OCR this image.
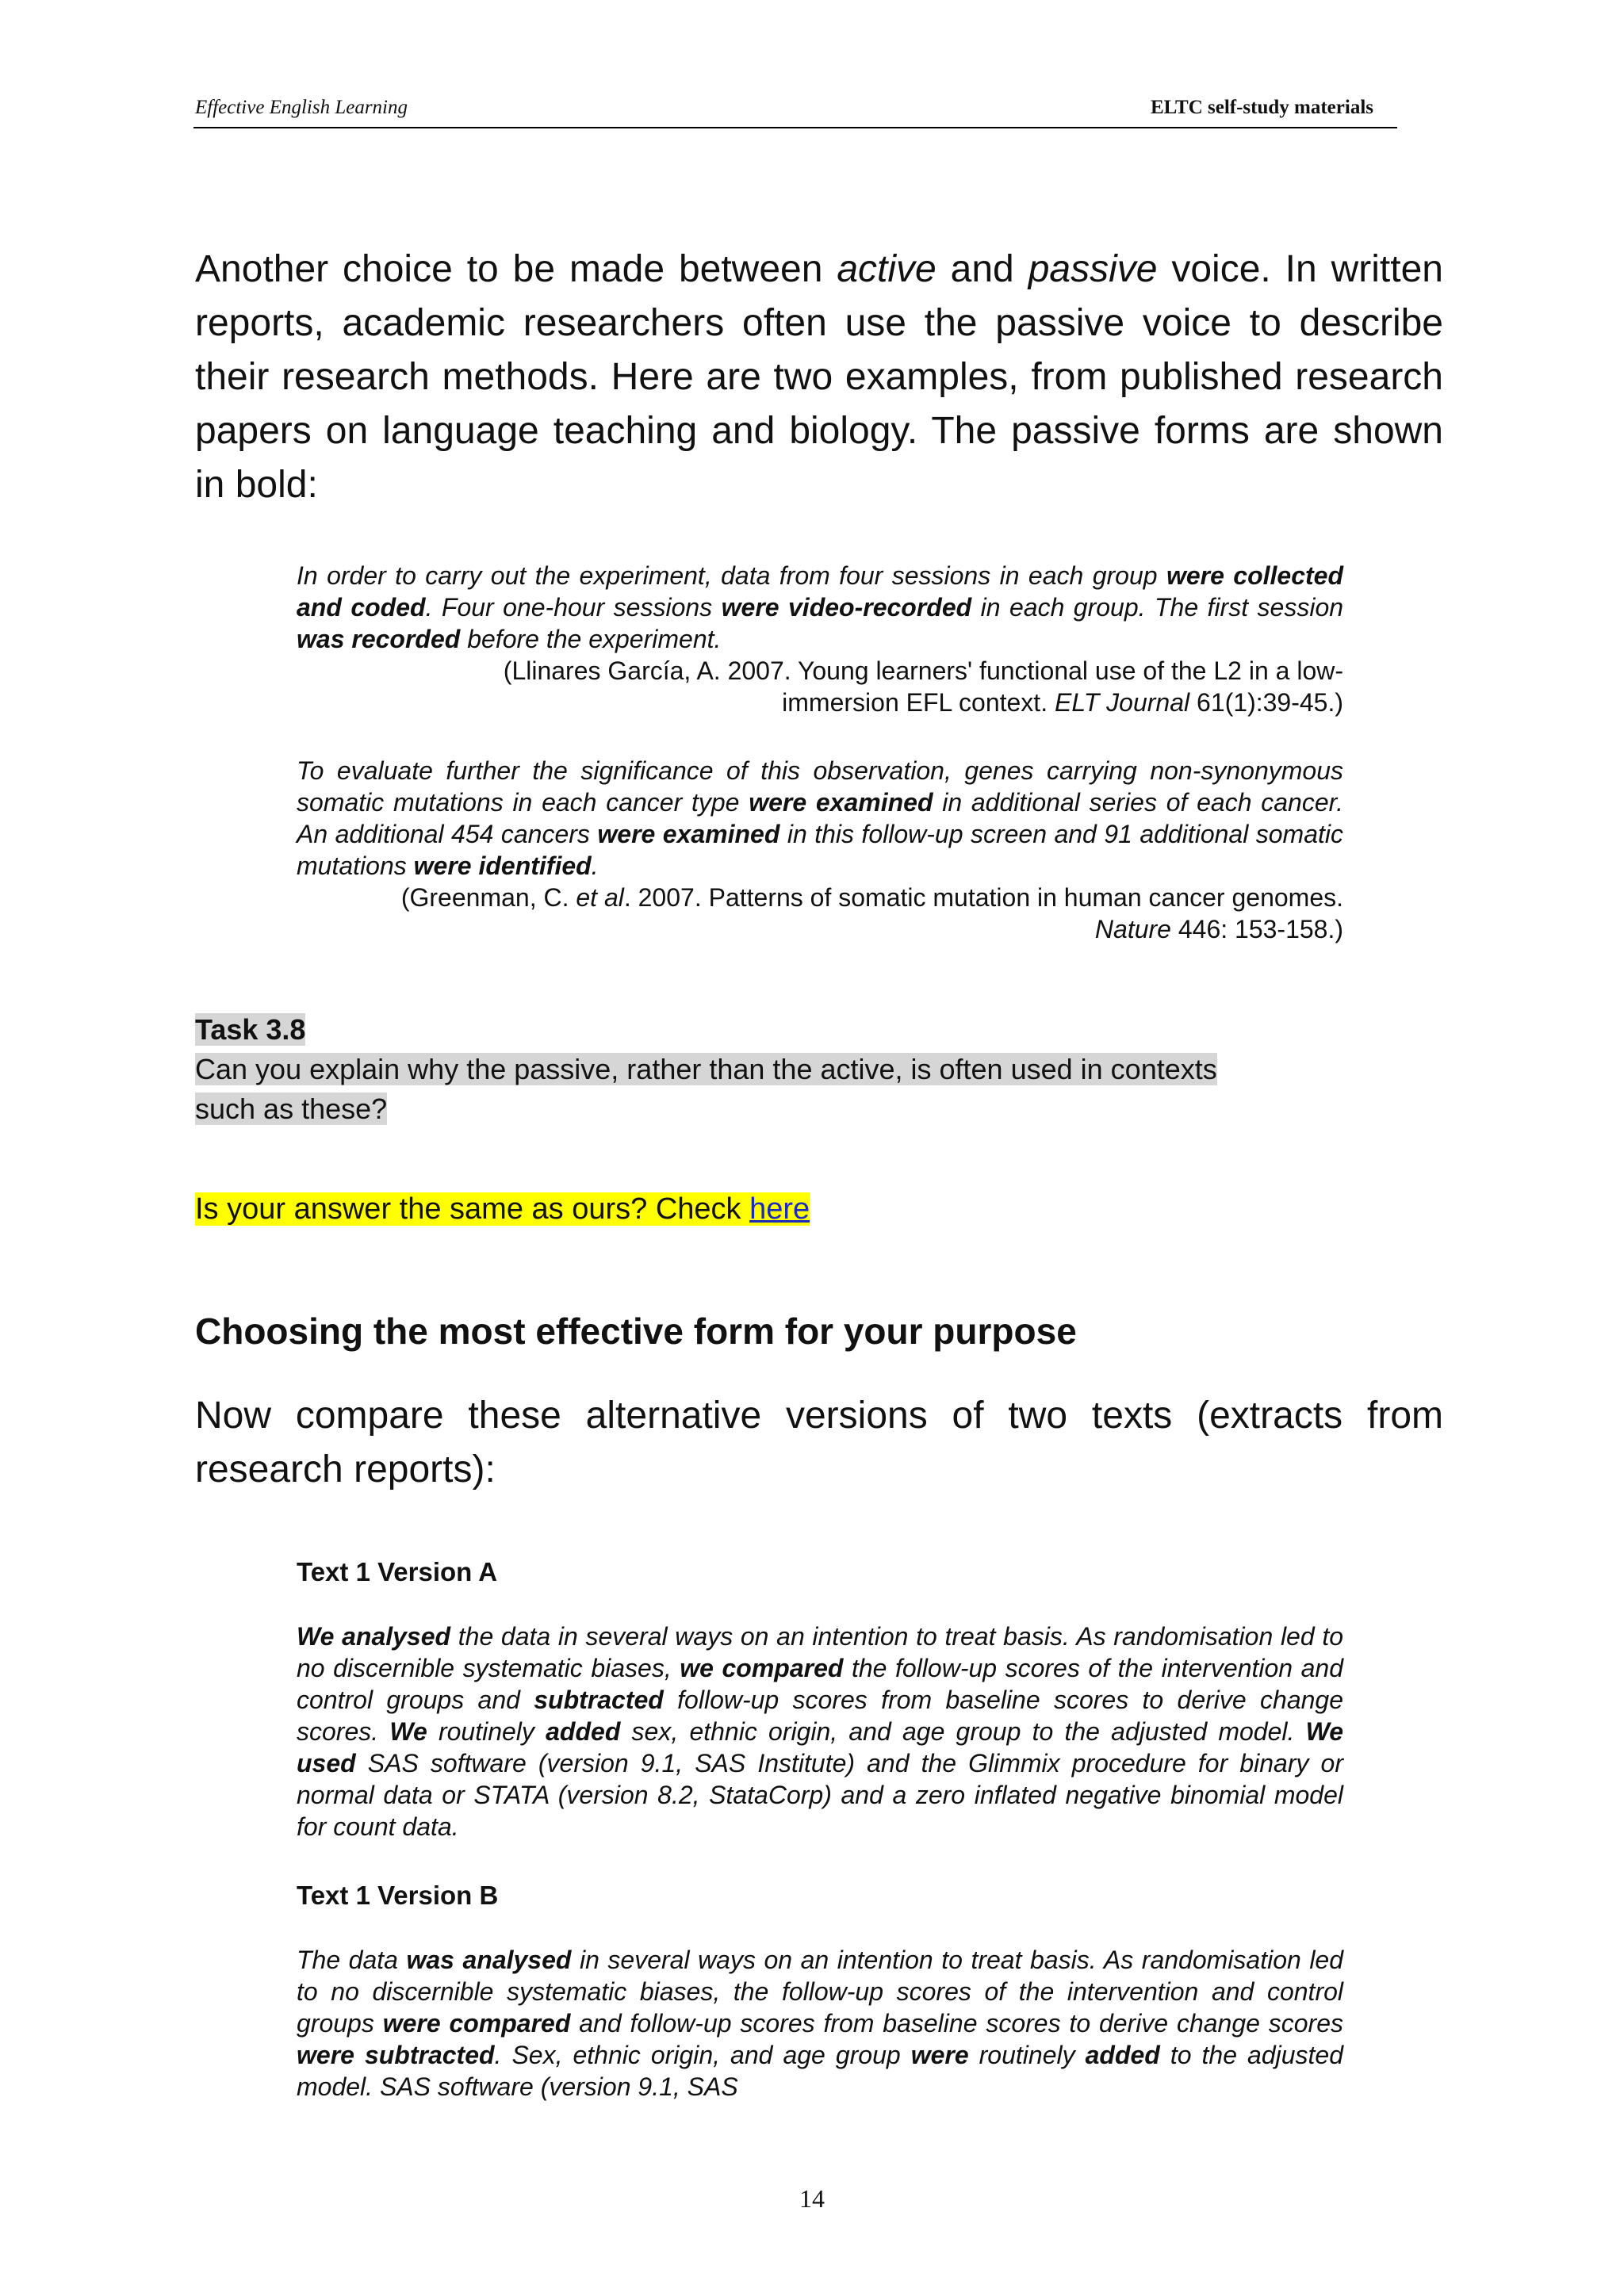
Effective English Learning	ELTC self-study materials

Another choice to be made between active and passive voice. In written reports, academic researchers often use the passive voice to describe their research methods. Here are two examples, from published research papers on language teaching and biology. The passive forms are shown in bold:

In order to carry out the experiment, data from four sessions in each group were collected and coded. Four one-hour sessions were video-recorded in each group. The first session was recorded before the experiment.
(Llinares García, A. 2007. Young learners' functional use of the L2 in a low-
immersion EFL context. ELT Journal 61(1):39-45.)
To evaluate further the significance of this observation, genes carrying non-synonymous somatic mutations in each cancer type were examined in additional series of each cancer. An additional 454 cancers were examined in this follow-up screen and 91 additional somatic mutations were identified.
(Greenman, C. et al. 2007. Patterns of somatic mutation in human cancer genomes.
Nature 446: 153-158.)
Task 3.8
Can you explain why the passive, rather than the active, is often used in contexts
such as these?
Is your answer the same as ours? Check here
Choosing the most effective form for your purpose

Now compare these alternative versions of two texts (extracts from research reports):

Text 1 Version A
We analysed the data in several ways on an intention to treat basis. As randomisation led to no discernible systematic biases, we compared the follow-up scores of the intervention and control groups and subtracted follow-up scores from baseline scores to derive change scores. We routinely added sex, ethnic origin, and age group to the adjusted model. We used SAS software (version 9.1, SAS Institute) and the Glimmix procedure for binary or normal data or STATA (version 8.2, StataCorp) and a zero inflated negative binomial model for count data.
Text 1 Version B
The data was analysed in several ways on an intention to treat basis. As randomisation led to no discernible systematic biases, the follow-up scores of the intervention and control groups were compared and follow-up scores from baseline scores to derive change scores were subtracted. Sex, ethnic origin, and age group were routinely added to the adjusted model. SAS software (version 9.1, SAS
14
